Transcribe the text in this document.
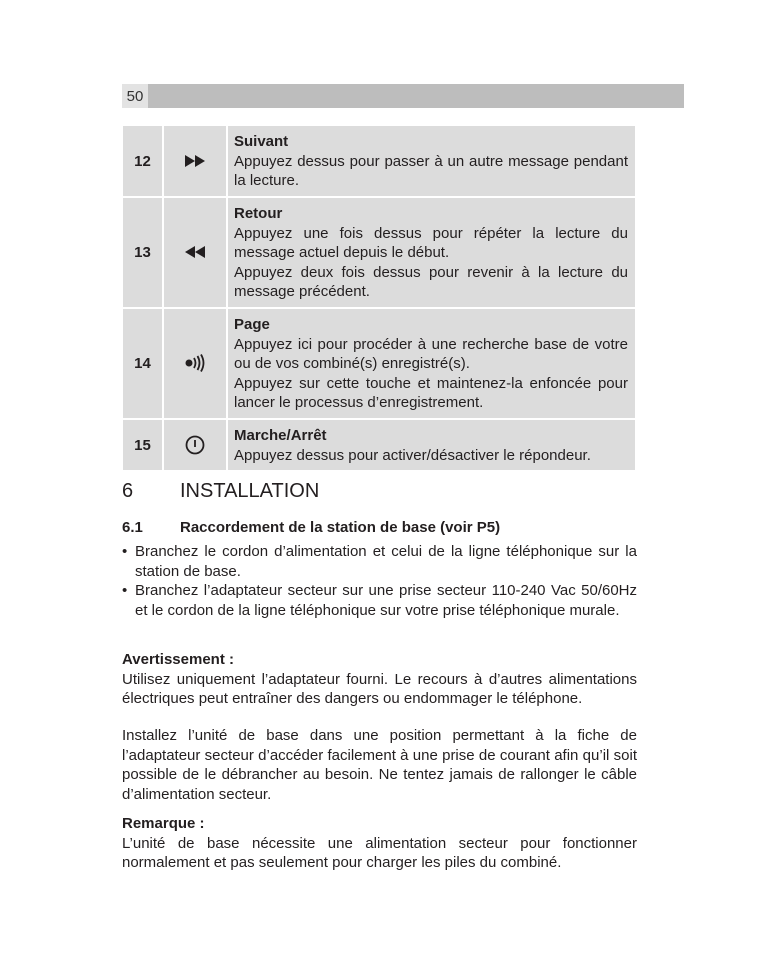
50
12		Suivant
Appuyez dessus pour passer à un autre message pendant la lecture.

13		Retour
Appuyez une fois dessus pour répéter la lecture du message actuel depuis le début.
Appuyez deux fois dessus pour revenir à la lecture du message précédent.

14		Page
Appuyez ici pour procéder à une recherche base de votre ou de vos combiné(s) enregistré(s).
Appuyez sur cette touche et maintenez-la enfoncée pour lancer le processus d’enregistrement.

15		Marche/Arrêt
Appuyez dessus pour activer/désactiver le répondeur.
6 INSTALLATION
6.1 Raccordement de la station de base (voir P5)
• Branchez le cordon d’alimentation et celui de la ligne téléphonique sur la station de base.
• Branchez l’adaptateur secteur sur une prise secteur 110-240 Vac 50/60Hz et le cordon de la ligne téléphonique sur votre prise téléphonique murale.
Avertissement :
Utilisez uniquement l’adaptateur fourni. Le recours à d’autres alimentations électriques peut entraîner des dangers ou endommager le téléphone.
Installez l’unité de base dans une position permettant à la fiche de l’adaptateur secteur d’accéder facilement à une prise de courant afin qu’il soit possible de le débrancher au besoin. Ne tentez jamais de rallonger le câble d’alimentation secteur.
Remarque :
L’unité de base nécessite une alimentation secteur pour fonctionner normalement et pas seulement pour charger les piles du combiné.
